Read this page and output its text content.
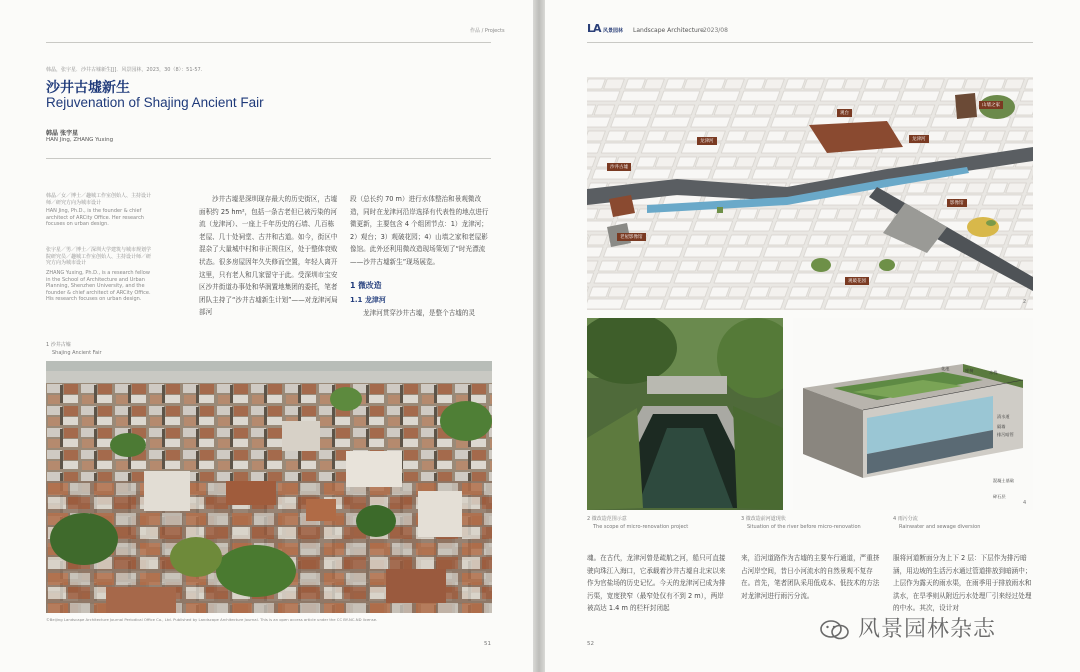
作品 / Projects
韩晶，张宇星．沙井古墟新生[J]．风景园林，2023，30（8）：51-57.
沙井古墟新生
Rejuvenation of Shajing Ancient Fair
韩晶 张宇星
HAN Jing, ZHANG Yuxing
韩晶／女／博士／趣城工作室创始人、主持设计师／研究方向为城市设计
HAN Jing, Ph.D., is the founder & chief architect of ARCity Office. Her research focuses on urban design.
张宇星／男／博士／深圳大学建筑与城市规划学院研究员／趣城工作室创始人、主持设计师／研究方向为城市设计
ZHANG Yuxing, Ph.D., is a research fellow in the School of Architecture and Urban Planning, Shenzhen University, and the founder & chief architect of ARCity Office. His research focuses on urban design.
沙井古墟是深圳现存最大的历史街区，古墟面积约 25 hm²，包括一条古老但已被污染的河流（龙津河）、一座上千年历史的石墙、几百栋老屋、几十处祠堂、古井和古道。如今，街区中混杂了大量城中村和非正规住区，处于整体衰败状态。很多房屋因年久失修而空置，年轻人离开这里，只有老人和几家留守于此。受深圳市宝安区沙井街道办事处和华润置地集团的委托，笔者团队主持了“沙井古墟新生计划”——对龙津河局部河
段（总长约 70 m）进行水体整治和景观微改造，同时在龙津河沿岸选择有代表性的地点进行微更新，主要包含 4 个组团节点：1）龙津河；2）观台；3）观破花园；4）山墙之家和老屋影像馆。此外还利用微改造现场策划了“时光漂流——沙井古墟新生”现场展览。
1 微改造
1.1 龙津河
龙津河贯穿沙井古墟，是整个古墟的灵
1 沙井古墟
Shajing Ancient Fair
©Beijing Landscape Architecture Journal Periodical Office Co., Ltd. Published by Landscape Architecture Journal. This is an open access article under the CC BY-NC-ND license.
51
LA 风景园林 Landscape Architecture 2023/08
龙津河
沙井古墟
观台
龙津河
山墙之家
影像馆
观破花园
老屋影像馆
2
2 微改造范围示意
The scope of micro-renovation project
花池	座椅	木栈
清水道
排污暗管
隔墙
混凝土基础
碎石层
4
3 微改造前河道现状
Situation of the river before micro-renovation
4 雨污分流
Rainwater and sewage diversion
魂。在古代，龙津河曾是疏航之河，船只可直接驶向珠江入海口，它承载着沙井古墟自北宋以来作为官盐场的历史记忆。今天的龙津河已成为排污渠，宽度狭窄（最窄处仅有不到 2 m），两岸被高达 1.4 m 的栏杆封闭起
来，沿河道路作为古墟的主要车行通道，严重挤占河岸空间，昔日小河流水的自然景观不复存在。首先，笔者团队采用低成本、低技术的方法对龙津河进行雨污分流。
服将河道断面分为上下 2 层：下层作为排污暗涵，用边坡的生活污水通过管道排放到暗涵中；上层作为露天的雨水渠，在雨季用于排放雨水和洪水，在旱季则从附近污水处理厂引来经过处理的中水。其次，设计对
52
风景园林杂志
